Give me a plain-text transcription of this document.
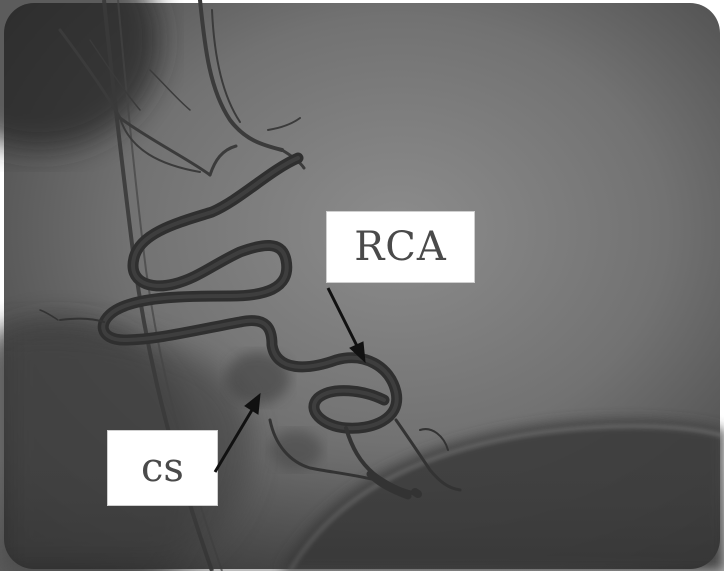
RCA
cs
